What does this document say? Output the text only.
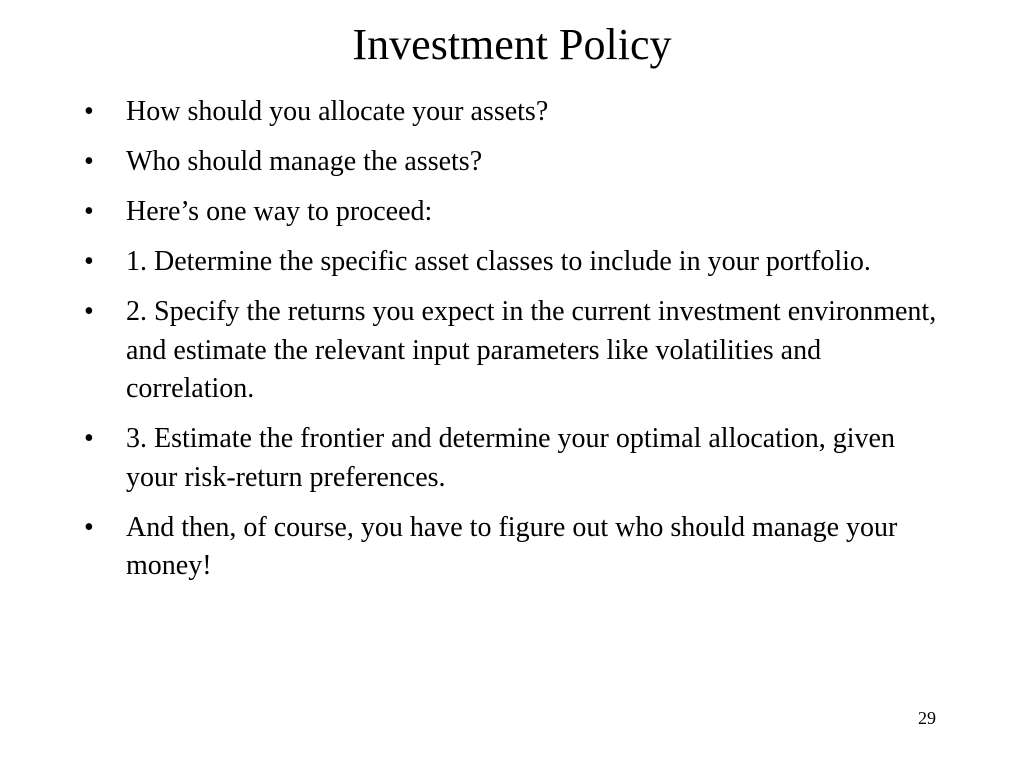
Investment Policy
•	How should you allocate your assets?
•	Who should manage the assets?
•	Here’s one way to proceed:
•	1. Determine the specific asset classes to include in your portfolio.
•	2. Specify the returns you expect in the current investment environment, and estimate the relevant input parameters like volatilities and correlation.
•	3. Estimate the frontier and determine your optimal allocation, given your risk-return preferences.
•	And then, of course, you have to figure out who should manage your money!
29
